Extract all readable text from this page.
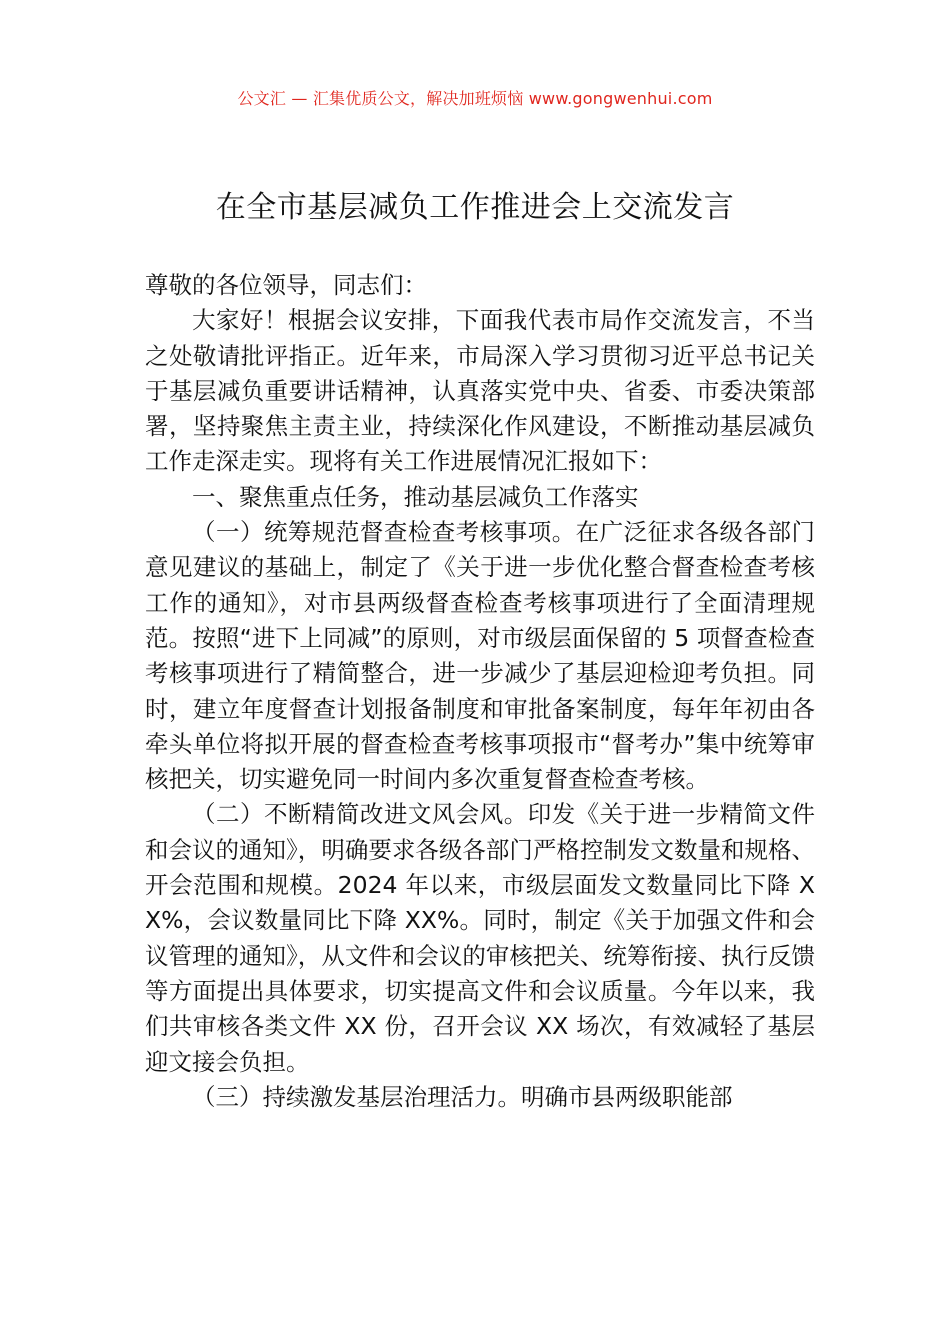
公文汇 — 汇集优质公文，解决加班烦恼 www.gongwenhui.com
在全市基层减负工作推进会上交流发言

尊敬的各位领导，同志们：

大家好！根据会议安排，下面我代表市局作交流发言，不当之处敬请批评指正。近年来，市局深入学习贯彻习近平总书记关于基层减负重要讲话精神，认真落实党中央、省委、市委决策部署，坚持聚焦主责主业，持续深化作风建设，不断推动基层减负工作走深走实。现将有关工作进展情况汇报如下：

一、聚焦重点任务，推动基层减负工作落实

（一）统筹规范督查检查考核事项。在广泛征求各级各部门意见建议的基础上，制定了《关于进一步优化整合督查检查考核工作的通知》，对市县两级督查检查考核事项进行了全面清理规范。按照“进下上同减”的原则，对市级层面保留的 5 项督查检查考核事项进行了精简整合，进一步减少了基层迎检迎考负担。同时，建立年度督查计划报备制度和审批备案制度，每年年初由各牵头单位将拟开展的督查检查考核事项报市“督考办”集中统筹审核把关，切实避免同一时间内多次重复督查检查考核。

（二）不断精简改进文风会风。印发《关于进一步精简文件和会议的通知》，明确要求各级各部门严格控制发文数量和规格、开会范围和规模。2024 年以来，市级层面发文数量同比下降 XX%，会议数量同比下降 XX%。同时，制定《关于加强文件和会议管理的通知》，从文件和会议的审核把关、统筹衔接、执行反馈等方面提出具体要求，切实提高文件和会议质量。今年以来，我们共审核各类文件 XX 份，召开会议 XX 场次，有效减轻了基层迎文接会负担。

（三）持续激发基层治理活力。明确市县两级职能部
